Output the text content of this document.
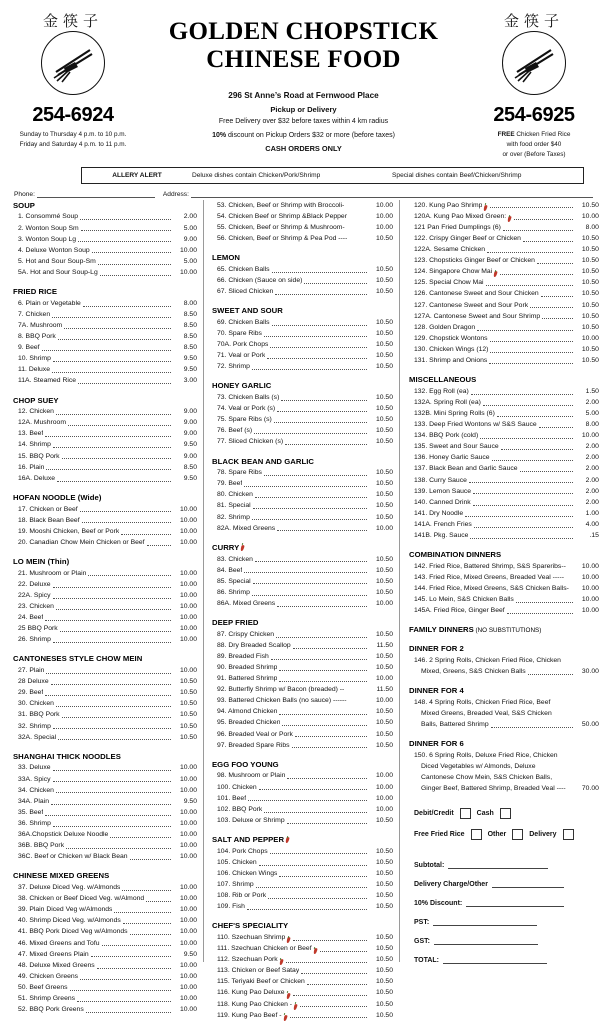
金筷子
254-6924
Sunday to Thursday 4 p.m. to 10 p.m.
Friday and Saturday 4 p.m. to 11 p.m.
GOLDEN CHOPSTICK
CHINESE FOOD
296 St Anne’s Road at Fernwood Place
Pickup or Delivery
Free Delivery over $32 before taxes within 4 km radius
10% discount on Pickup Orders $32 or more (before taxes)
CASH ORDERS ONLY
金筷子
254-6925
FREE Chicken Fried Rice
with food order $40
or over (Before Taxes)
ALLERY ALERT	Deluxe dishes contain Chicken/Pork/Shrimp	Special dishes contain Beef/Chicken/Shrimp
Phone:	Address:
SOUP
1. Consommé Soup	2.00
2. Wonton Soup Sm	5.00
3. Wonton Soup Lg	9.00
4. Deluxe Wonton Soup	10.00
5. Hot and Sour Soup-Sm	5.00
5A. Hot and Sour Soup-Lg	10.00
FRIED RICE
6. Plain or Vegetable	8.00
7. Chicken	8.50
7A. Mushroom	8.50
8. BBQ Pork	8.50
9. Beef	8.50
10. Shrimp	9.50
11. Deluxe	9.50
11A. Steamed Rice	3.00
CHOP SUEY
12. Chicken	9.00
12A. Mushroom	9.00
13. Beef	9.00
14. Shrimp	9.50
15. BBQ Pork	9.00
16. Plain	8.50
16A. Deluxe	9.50
HOFAN NOODLE (Wide)
17. Chicken or Beef	10.00
18. Black Bean Beef	10.00
19. Mooshi Chicken, Beef or Pork	10.00
20. Canadian Chow Mein Chicken or Beef	10.00
LO MEIN (Thin)
21. Mushroom or Plain	10.00
22. Deluxe	10.00
22A. Spicy	10.00
23. Chicken	10.00
24. Beef	10.00
25 BBQ Pork	10.00
26. Shrimp	10.00
CANTONESES STYLE CHOW MEIN
27. Plain	10.00
28 Deluxe	10.50
29. Beef	10.50
30. Chicken	10.50
31. BBQ Pork	10.50
32. Shrimp	10.50
32A. Special	10.50
SHANGHAI THICK NOODLES
33. Deluxe	10.00
33A. Spicy	10.00
34. Chicken	10.00
34A. Plain	9.50
35. Beef	10.00
36. Shrimp	10.00
36A.Chopstick Deluxe Noodle	10.00
36B. BBQ Pork	10.00
36C. Beef or Chicken w/ Black Bean	10.00
CHINESE MIXED GREENS
37. Deluxe Diced Veg. w/Almonds	10.00
38. Chicken or Beef Diced Veg. w/Almond	10.00
39. Plain Diced Veg w/Almonds	10.00
40. Shrimp Diced Veg. w/Almonds	10.00
41. BBQ Pork Diced Veg w/Almonds	10.00
46. Mixed Greens and Tofu	10.00
47. Mixed Greens Plain	9.50
48. Deluxe Mixed Greens	10.00
49. Chicken Greens	10.00
50. Beef Greens	10.00
51. Shrimp Greens	10.00
52. BBQ Pork Greens	10.00
53. Chicken, Beef or Shrimp with Broccoli-	10.00
54. Chicken Beef or Shrimp &Black Pepper	10.00
55. Chicken, Beef or Shrimp & Mushroom-	10.00
56. Chicken, Beef or Shrimp & Pea Pod ----	10.50
LEMON
65. Chicken Balls	10.50
66. Chicken (Sauce on side)	10.50
67. Sliced Chicken	10.50
SWEET AND SOUR
69. Chicken Balls	10.50
70. Spare Ribs	10.50
70A. Pork Chops	10.50
71. Veal or Pork	10.50
72. Shrimp	10.50
HONEY GARLIC
73. Chicken Balls (s)	10.50
74. Veal or Pork (s)	10.50
75. Spare Ribs (s)	10.50
76. Beef (s)	10.50
77. Sliced Chicken (s)	10.50
BLACK BEAN AND GARLIC
78. Spare Ribs	10.50
79. Beef	10.50
80. Chicken	10.50
81. Special	10.50
82. Shrimp	10.50
82A. Mixed Greens	10.00
CURRY
83. Chicken	10.50
84. Beef	10.50
85. Special	10.50
86. Shrimp	10.50
86A. Mixed Greens	10.00
DEEP FRIED
87. Crispy Chicken	10.50
88. Dry Breaded Scallop	11.50
89. Breaded Fish	10.50
90. Breaded Shrimp	10.50
91. Battered Shrimp	10.00
92. Butterfly Shrimp w/ Bacon (breaded) --	11.50
93. Battered Chicken Balls (no sauce) ------	10.00
94. Almond Chicken	10.50
95. Breaded Chicken	10.50
96. Breaded Veal or Pork	10.50
97. Breaded Spare Ribs	10.50
EGG FOO YOUNG
98. Mushroom or Plain	10.00
100. Chicken	10.00
101. Beef	10.00
102. BBQ Pork	10.00
103. Deluxe or Shrimp	10.50
SALT AND PEPPER
104. Pork Chops	10.50
105. Chicken	10.50
106. Chicken Wings	10.50
107. Shrimp	10.50
108. Rib or Pork	10.50
109. Fish	10.50
CHEF'S SPECIALITY
110. Szechuan Shrimp	10.50
111. Szechuan Chicken or Beef	10.50
112. Szechuan Pork	10.50
113. Chicken or Beef Satay	10.50
115. Teriyaki Beef or Chicken	10.50
116. Kung Pao Deluxe	10.50
118. Kung Pao Chicken -	10.50
119. Kung Pao Beef -	10.50
120. Kung Pao Shrimp	10.50
120A. Kung Pao Mixed Green:	10.00
121 Pan Fried Dumplings (6)	8.00
122. Crispy Ginger Beef or Chicken	10.50
122A. Sesame Chicken	10.50
123. Chopsticks Ginger Beef or Chicken	10.50
124. Singapore Chow Mai	10.50
125. Special Chow Mai	10.50
126. Cantonese Sweet and Sour Chicken	10.50
127. Cantonese Sweet and Sour Pork	10.50
127A. Cantonese Sweet and Sour Shrimp	10.50
128. Golden Dragon	10.50
129. Chopstick Wontons	10.00
130. Chicken Wings (12)	10.50
131. Shrimp and Onions	10.50
MISCELLANEOUS
132. Egg Roll (ea)	1.50
132A. Spring Roll (ea)	2.00
132B. Mini Spring Rolls (6)	5.00
133. Deep Fried Wontons w/ S&S Sauce	8.00
134. BBQ Pork (cold)	10.00
135. Sweet and Sour Sauce	2.00
136. Honey Garlic Sauce	2.00
137. Black Bean and Garlic Sauce	2.00
138. Curry Sauce	2.00
139. Lemon Sauce	2.00
140. Canned Drink	2.00
141. Dry Noodle	1.00
141A. French Fries	4.00
141B. Pkg. Sauce	.15
COMBINATION DINNERS
142. Fried Rice, Battered Shrimp, S&S Spareribs--	10.00
143. Fried Rice, Mixed Greens, Breaded Veal -----	10.00
144. Fried Rice, Mixed Greens, S&S Chicken Balls-	10.00
145. Lo Mein, S&S Chicken Balls	10.00
145A. Fried Rice, Ginger Beef	10.00
FAMILY DINNERS (NO SUBSTITUTIONS)
DINNER FOR 2
146. 2 Spring Rolls, Chicken Fried Rice, Chicken
Mixed, Greens, S&S Chicken Balls	30.00
DINNER FOR 4
148. 4 Spring Rolls, Chicken Fried Rice, Beef
Mixed Greens, Breaded Veal, S&S Chicken
Balls, Battered Shrimp	50.00
DINNER FOR 6
150. 6 Spring Rolls, Deluxe Fried Rice, Chicken
Diced Vegetables w/ Almonds, Deluxe
Cantonese Chow Mein, S&S Chicken Balls,
Ginger Beef, Battered Shrimp, Breaded Veal ----	70.00
Debit/Credit	Cash
Free Fried Rice	Other	Delivery
Subtotal:
Delivery Charge/Other
10% Discount:
PST:
GST:
TOTAL:
